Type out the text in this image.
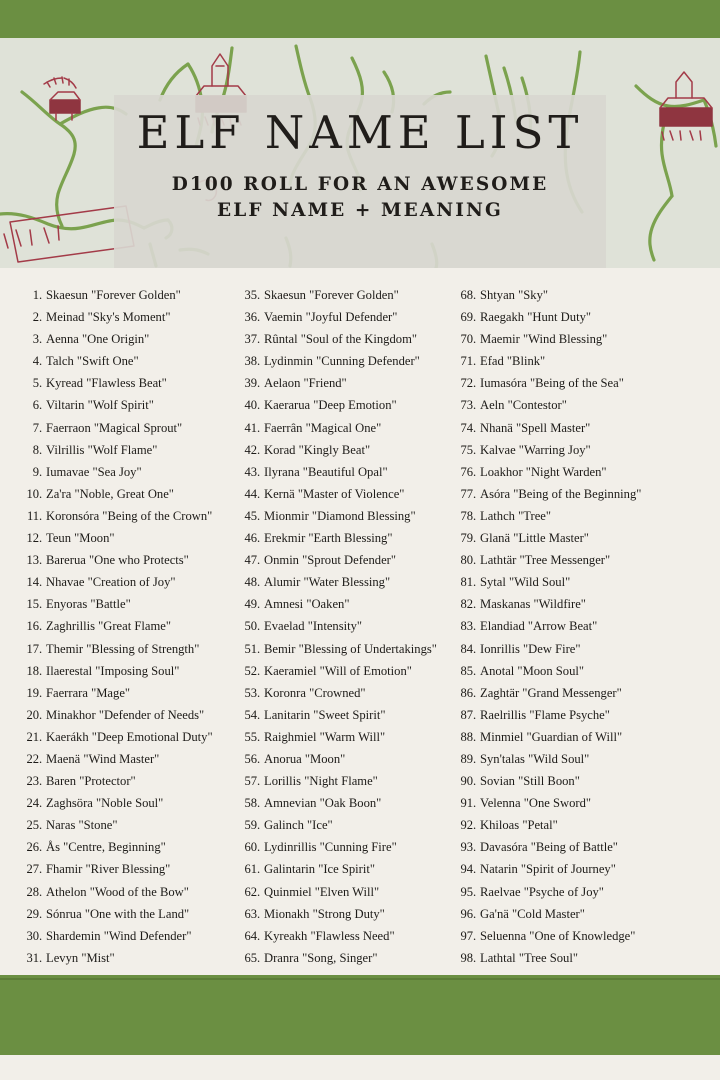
ELF NAME LIST

D100 ROLL FOR AN AWESOME
ELF NAME + MEANING

1. Skaesun "Forever Golden"
2. Meinad "Sky's Moment"
3. Aenna "One Origin"
4. Talch "Swift One"
5. Kyread "Flawless Beat"
6. Viltarin "Wolf Spirit"
7. Faerraon "Magical Sprout"
8. Vilrillis "Wolf Flame"
9. Iumavae "Sea Joy"
10. Za'ra "Noble, Great One"
11. Koronsóra "Being of the Crown"
12. Teun "Moon"
13. Barerua "One who Protects"
14. Nhavae "Creation of Joy"
15. Enyoras "Battle"
16. Zaghrillis "Great Flame"
17. Themir "Blessing of Strength"
18. Ilaerestal "Imposing Soul"
19. Faerrara "Mage"
20. Minakhor "Defender of Needs"
21. Kaerákh "Deep Emotional Duty"
22. Maenä "Wind Master"
23. Baren "Protector"
24. Zaghsöra "Noble Soul"
25. Naras "Stone"
26. Ås "Centre, Beginning"
27. Fhamir "River Blessing"
28. Athelon "Wood of the Bow"
29. Sónrua "One with the Land"
30. Shardemin "Wind Defender"
31. Levyn "Mist"
35. Skaesun "Forever Golden"
36. Vaemin "Joyful Defender"
37. Rûntal "Soul of the Kingdom"
38. Lydinmin "Cunning Defender"
39. Aelaon "Friend"
40. Kaerarua "Deep Emotion"
41. Faerrân "Magical One"
42. Korad "Kingly Beat"
43. Ilyrana "Beautiful Opal"
44. Kernä "Master of Violence"
45. Mionmir "Diamond Blessing"
46. Erekmir "Earth Blessing"
47. Onmin "Sprout Defender"
48. Alumir "Water Blessing"
49. Amnesi "Oaken"
50. Evaelad "Intensity"
51. Bemir "Blessing of Undertakings"
52. Kaeramiel "Will of Emotion"
53. Koronra "Crowned"
54. Lanitarin "Sweet Spirit"
55. Raighmiel "Warm Will"
56. Anorua "Moon"
57. Lorillis "Night Flame"
58. Amnevian "Oak Boon"
59. Galinch "Ice"
60. Lydinrillis "Cunning Fire"
61. Galintarin "Ice Spirit"
62. Quinmiel "Elven Will"
63. Mionakh "Strong Duty"
64. Kyreakh "Flawless Need"
65. Dranra "Song, Singer"
68. Shtyan "Sky"
69. Raegakh "Hunt Duty"
70. Maemir "Wind Blessing"
71. Efad "Blink"
72. Iumasóra "Being of the Sea"
73. Aeln "Contestor"
74. Nhanä "Spell Master"
75. Kalvae "Warring Joy"
76. Loakhor "Night Warden"
77. Asóra "Being of the Beginning"
78. Lathch "Tree"
79. Glanä "Little Master"
80. Lathtär "Tree Messenger"
81. Sytal "Wild Soul"
82. Maskanas "Wildfire"
83. Elandiad "Arrow Beat"
84. Ionrillis "Dew Fire"
85. Anotal "Moon Soul"
86. Zaghtär "Grand Messenger"
87. Raelrillis "Flame Psyche"
88. Minmiel "Guardian of Will"
89. Syn'talas "Wild Soul"
90. Sovian "Still Boon"
91. Velenna "One Sword"
92. Khiloas "Petal"
93. Davasóra "Being of Battle"
94. Natarin "Spirit of Journey"
95. Raelvae "Psyche of Joy"
96. Ga'nä "Cold Master"
97. Seluenna "One of Knowledge"
98. Lathtal "Tree Soul"
